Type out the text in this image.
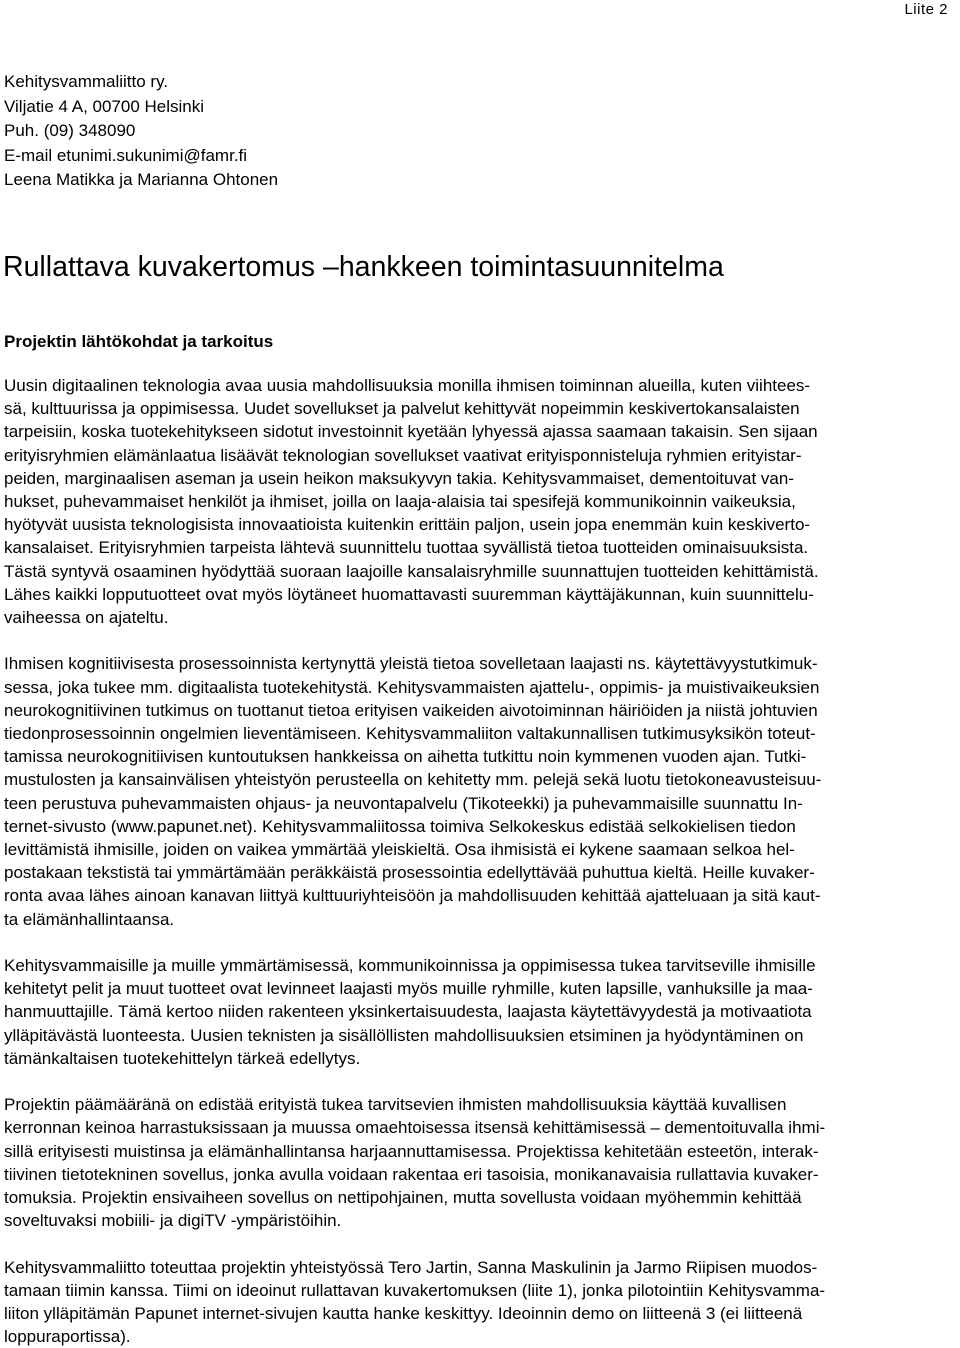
Liite 2
Kehitysvammaliitto ry.
Viljatie 4 A, 00700 Helsinki
Puh. (09) 348090
E-mail etunimi.sukunimi@famr.fi
Leena Matikka ja Marianna Ohtonen
Rullattava kuvakertomus –hankkeen toimintasuunnitelma
Projektin lähtökohdat ja tarkoitus

Uusin digitaalinen teknologia avaa uusia mahdollisuuksia monilla ihmisen toiminnan alueilla, kuten viihtees-
sä, kulttuurissa ja oppimisessa. Uudet sovellukset ja palvelut kehittyvät nopeimmin keskivertokansalaisten
tarpeisiin, koska tuotekehitykseen sidotut investoinnit kyetään lyhyessä ajassa saamaan takaisin. Sen sijaan
erityisryhmien elämänlaatua lisäävät teknologian sovellukset vaativat erityisponnisteluja ryhmien erityistar-
peiden, marginaalisen aseman ja usein heikon maksukyvyn takia. Kehitysvammaiset, dementoituvat van-
hukset, puhevammaiset henkilöt ja ihmiset, joilla on laaja-alaisia tai spesifejä kommunikoinnin vaikeuksia,
hyötyvät uusista teknologisista innovaatioista kuitenkin erittäin paljon, usein jopa enemmän kuin keskiverto-
kansalaiset. Erityisryhmien tarpeista lähtevä suunnittelu tuottaa syvällistä tietoa tuotteiden ominaisuuksista.
Tästä syntyvä osaaminen hyödyttää suoraan laajoille kansalaisryhmille suunnattujen tuotteiden kehittämistä.
Lähes kaikki lopputuotteet ovat myös löytäneet huomattavasti suuremman käyttäjäkunnan, kuin suunnittelu-
vaiheessa on ajateltu.

Ihmisen kognitiivisesta prosessoinnista kertynyttä yleistä tietoa sovelletaan laajasti ns. käytettävyystutkimuk-
sessa, joka tukee mm. digitaalista tuotekehitystä. Kehitysvammaisten ajattelu-, oppimis- ja muistivaikeuksien
neurokognitiivinen tutkimus on tuottanut tietoa erityisen vaikeiden aivotoiminnan häiriöiden ja niistä johtuvien
tiedonprosessoinnin ongelmien lieventämiseen. Kehitysvammaliiton valtakunnallisen tutkimusyksikön toteut-
tamissa neurokognitiivisen kuntoutuksen hankkeissa on aihetta tutkittu noin kymmenen vuoden ajan. Tutki-
mustulosten ja kansainvälisen yhteistyön perusteella on kehitetty mm. pelejä sekä luotu tietokoneavusteisuu-
teen perustuva puhevammaisten ohjaus- ja neuvontapalvelu (Tikoteekki) ja puhevammaisille suunnattu In-
ternet-sivusto (www.papunet.net). Kehitysvammaliitossa toimiva Selkokeskus edistää selkokielisen tiedon
levittämistä ihmisille, joiden on vaikea ymmärtää yleiskieltä. Osa ihmisistä ei kykene saamaan selkoa hel-
postakaan tekstistä tai ymmärtämään peräkkäistä prosessointia edellyttävää puhuttua kieltä. Heille kuvaker-
ronta avaa lähes ainoan kanavan liittyä kulttuuriyhteisöön ja mahdollisuuden kehittää ajatteluaan ja sitä kaut-
ta elämänhallintaansa.

Kehitysvammaisille ja muille ymmärtämisessä, kommunikoinnissa ja oppimisessa tukea tarvitseville ihmisille
kehitetyt pelit ja muut tuotteet ovat levinneet laajasti myös muille ryhmille, kuten lapsille, vanhuksille ja maa-
hanmuuttajille. Tämä kertoo niiden rakenteen yksinkertaisuudesta, laajasta käytettävyydestä ja motivaatiota
ylläpitävästä luonteesta. Uusien teknisten ja sisällöllisten mahdollisuuksien etsiminen ja hyödyntäminen on
tämänkaltaisen tuotekehittelyn tärkeä edellytys.

Projektin päämääränä on edistää erityistä tukea tarvitsevien ihmisten mahdollisuuksia käyttää kuvallisen
kerronnan keinoa harrastuksissaan ja muussa omaehtoisessa itsensä kehittämisessä – dementoituvalla ihmi-
sillä erityisesti muistinsa ja elämänhallintansa harjaannuttamisessa. Projektissa kehitetään esteetön, interak-
tiivinen tietotekninen sovellus, jonka avulla voidaan rakentaa eri tasoisia, monikanavaisia rullattavia kuvaker-
tomuksia. Projektin ensivaiheen sovellus on nettipohjainen, mutta sovellusta voidaan myöhemmin kehittää
soveltuvaksi mobiili- ja digiTV -ympäristöihin.

Kehitysvammaliitto toteuttaa projektin yhteistyössä Tero Jartin, Sanna Maskulinin ja Jarmo Riipisen muodos-
tamaan tiimin kanssa. Tiimi on ideoinut rullattavan kuvakertomuksen (liite 1), jonka pilotointiin Kehitysvamma-
liiton ylläpitämän Papunet internet-sivujen kautta hanke keskittyy. Ideoinnin demo on liitteenä 3 (ei liitteenä
loppuraportissa).
